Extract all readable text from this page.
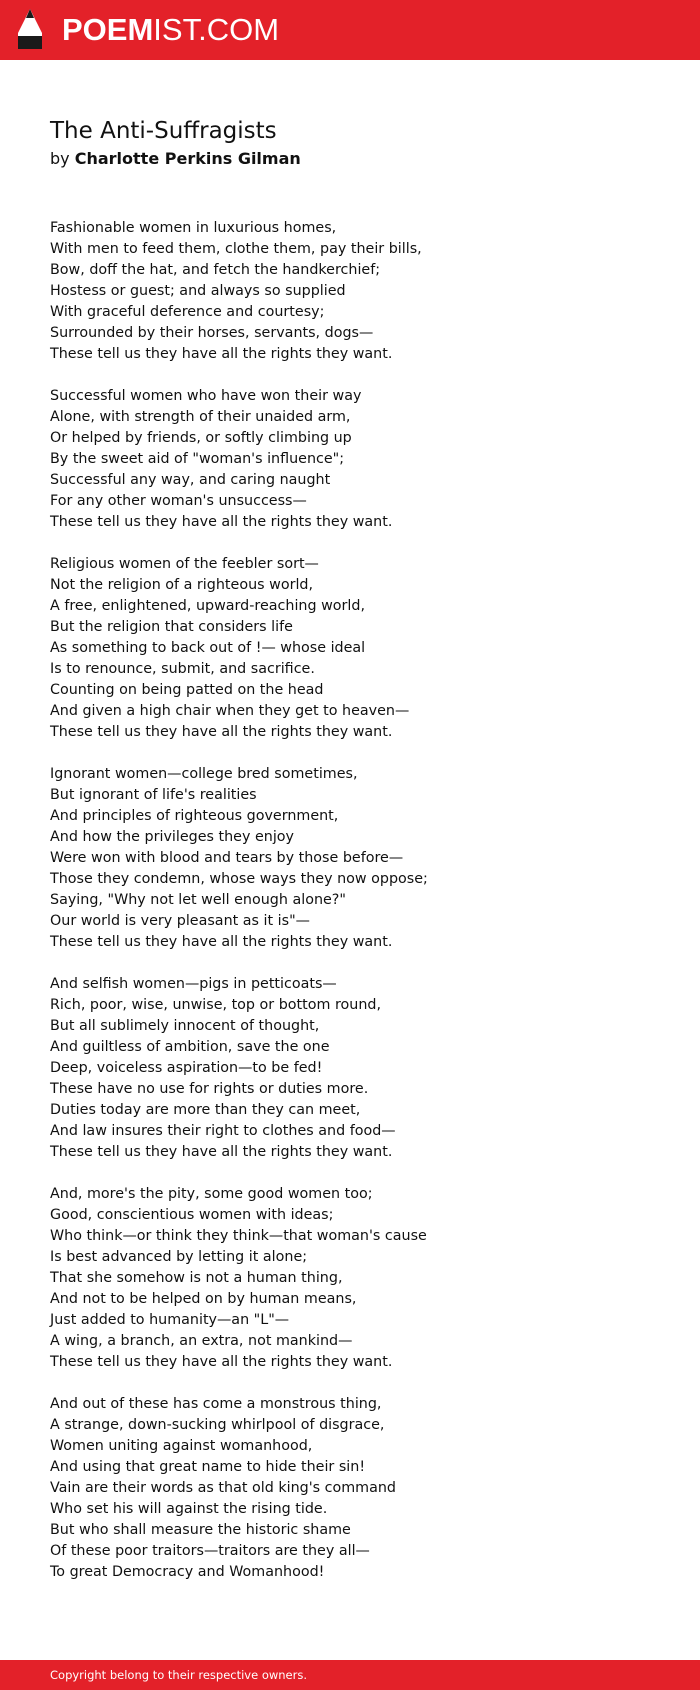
POEMIST.COM
The Anti-Suffragists
by Charlotte Perkins Gilman
Fashionable women in luxurious homes,
With men to feed them, clothe them, pay their bills,
Bow, doff the hat, and fetch the handkerchief;
Hostess or guest; and always so supplied
With graceful deference and courtesy;
Surrounded by their horses, servants, dogs—
These tell us they have all the rights they want.
Successful women who have won their way
Alone, with strength of their unaided arm,
Or helped by friends, or softly climbing up
By the sweet aid of "woman's influence";
Successful any way, and caring naught
For any other woman's unsuccess—
These tell us they have all the rights they want.
Religious women of the feebler sort—
Not the religion of a righteous world,
A free, enlightened, upward-reaching world,
But the religion that considers life
As something to back out of !— whose ideal
Is to renounce, submit, and sacrifice.
Counting on being patted on the head
And given a high chair when they get to heaven—
These tell us they have all the rights they want.
Ignorant women—college bred sometimes,
But ignorant of life's realities
And principles of righteous government,
And how the privileges they enjoy
Were won with blood and tears by those before—
Those they condemn, whose ways they now oppose;
Saying, "Why not let well enough alone?"
Our world is very pleasant as it is"—
These tell us they have all the rights they want.
And selfish women—pigs in petticoats—
Rich, poor, wise, unwise, top or bottom round,
But all sublimely innocent of thought,
And guiltless of ambition, save the one
Deep, voiceless aspiration—to be fed!
These have no use for rights or duties more.
Duties today are more than they can meet,
And law insures their right to clothes and food—
These tell us they have all the rights they want.
And, more's the pity, some good women too;
Good, conscientious women with ideas;
Who think—or think they think—that woman's cause
Is best advanced by letting it alone;
That she somehow is not a human thing,
And not to be helped on by human means,
Just added to humanity—an "L"—
A wing, a branch, an extra, not mankind—
These tell us they have all the rights they want.
And out of these has come a monstrous thing,
A strange, down-sucking whirlpool of disgrace,
Women uniting against womanhood,
And using that great name to hide their sin!
Vain are their words as that old king's command
Who set his will against the rising tide.
But who shall measure the historic shame
Of these poor traitors—traitors are they all—
To great Democracy and Womanhood!
Copyright belong to their respective owners.
